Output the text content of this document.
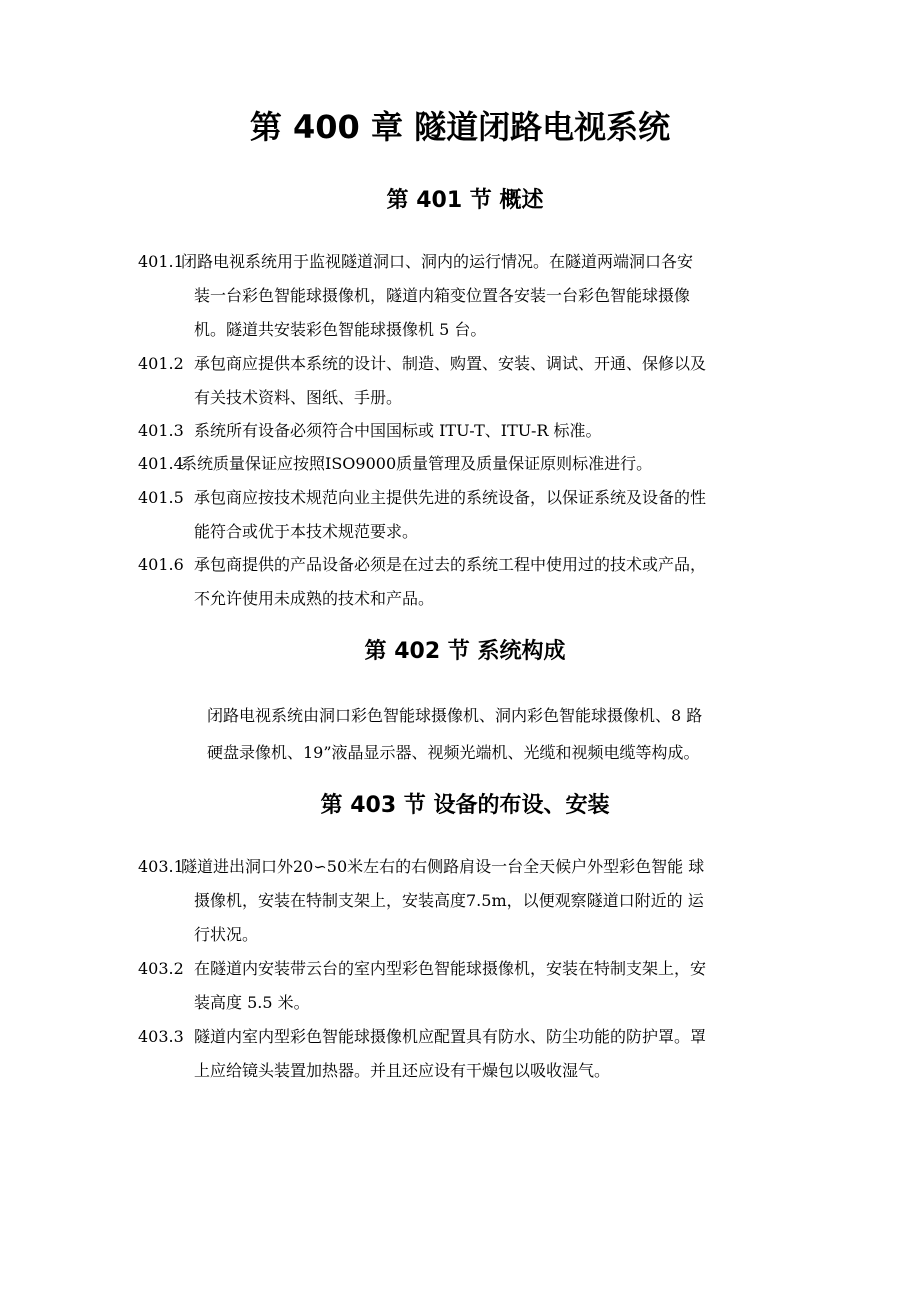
第 400 章 隧道闭路电视系统
第 401 节 概述
401.1
闭路电视系统用于监视隧道洞口、洞内的运行情况。在隧道两端洞口各安
装一台彩色智能球摄像机，隧道内箱变位置各安装一台彩色智能球摄像
机。隧道共安装彩色智能球摄像机 5 台。
401.2 承包商应提供本系统的设计、制造、购置、安装、调试、开通、保修以及
有关技术资料、图纸、手册。
401.3 系统所有设备必须符合中国国标或 ITU-T、ITU-R 标准。
401.4
系统质量保证应按照ISO9000质量管理及质量保证原则标准进行。
401.5 承包商应按技术规范向业主提供先进的系统设备，以保证系统及设备的性
能符合或优于本技术规范要求。
401.6 承包商提供的产品设备必须是在过去的系统工程中使用过的技术或产品，
不允许使用未成熟的技术和产品。
第 402 节 系统构成
闭路电视系统由洞口彩色智能球摄像机、洞内彩色智能球摄像机、8 路
硬盘录像机、19”液晶显示器、视频光端机、光缆和视频电缆等构成。
第 403 节 设备的布设、安装
403.1
隧道进出洞口外20∽50米左右的右侧路肩设一台全天候户外型彩色智能 球
摄像机，安装在特制支架上，安装高度7.5m，以便观察隧道口附近的 运
行状况。
403.2 在隧道内安装带云台的室内型彩色智能球摄像机，安装在特制支架上，安
装高度 5.5 米。
403.3 隧道内室内型彩色智能球摄像机应配置具有防水、防尘功能的防护罩。罩
上应给镜头装置加热器。并且还应设有干燥包以吸收湿气。
